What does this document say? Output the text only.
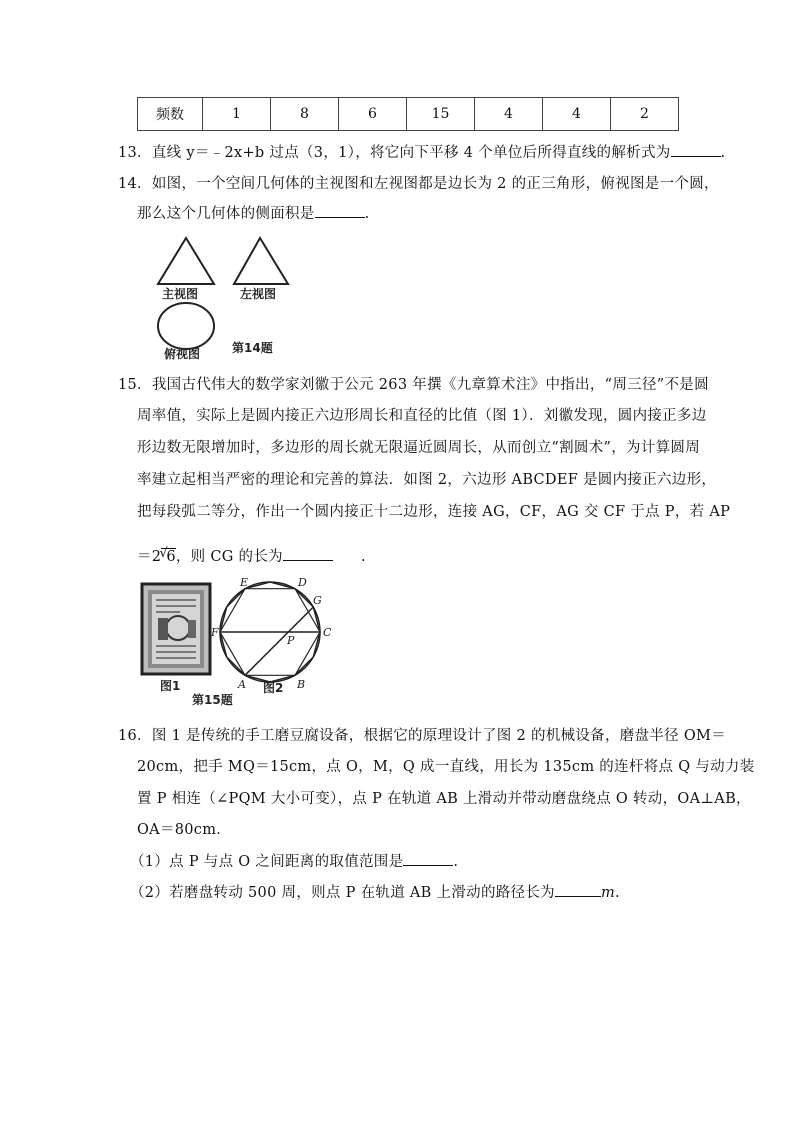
频数	1	8	6	15	4	4	2
13．直线 y＝﹣2x+b 过点（3，1），将它向下平移 4 个单位后所得直线的解析式为	.
14．如图，一个空间几何体的主视图和左视图都是边长为 2 的正三角形，俯视图是一个圆，
那么这个几何体的侧面积是	.
主视图	左视图
俯视图	第14题
15．我国古代伟大的数学家刘徽于公元 263 年撰《九章算术注》中指出，“周三径”不是圆
周率值，实际上是圆内接正六边形周长和直径的比值（图 1）．刘徽发现，圆内接正多边
形边数无限增加时，多边形的周长就无限逼近圆周长，从而创立“割圆术”，为计算圆周
率建立起相当严密的理论和完善的算法．如图 2，六边形 ABCDEF 是圆内接正六边形，
把每段弧二等分，作出一个圆内接正十二边形，连接 AG，CF，AG 交 CF 于点 P，若 AP
＝2
√
6，则 CG 的长为	.
图1
E	D
G
F
P
C
A	B
图2
第15题
16．图 1 是传统的手工磨豆腐设备，根据它的原理设计了图 2 的机械设备，磨盘半径 OM＝
20cm，把手 MQ＝15cm，点 O，M，Q 成一直线，用长为 135cm 的连杆将点 Q 与动力装
置 P 相连（∠PQM 大小可变），点 P 在轨道 AB 上滑动并带动磨盘绕点 O 转动，OA⊥AB，
OA＝80cm．
（1）点 P 与点 O 之间距离的取值范围是	.
（2）若磨盘转动 500 周，则点 P 在轨道 AB 上滑动的路径长为	m.
